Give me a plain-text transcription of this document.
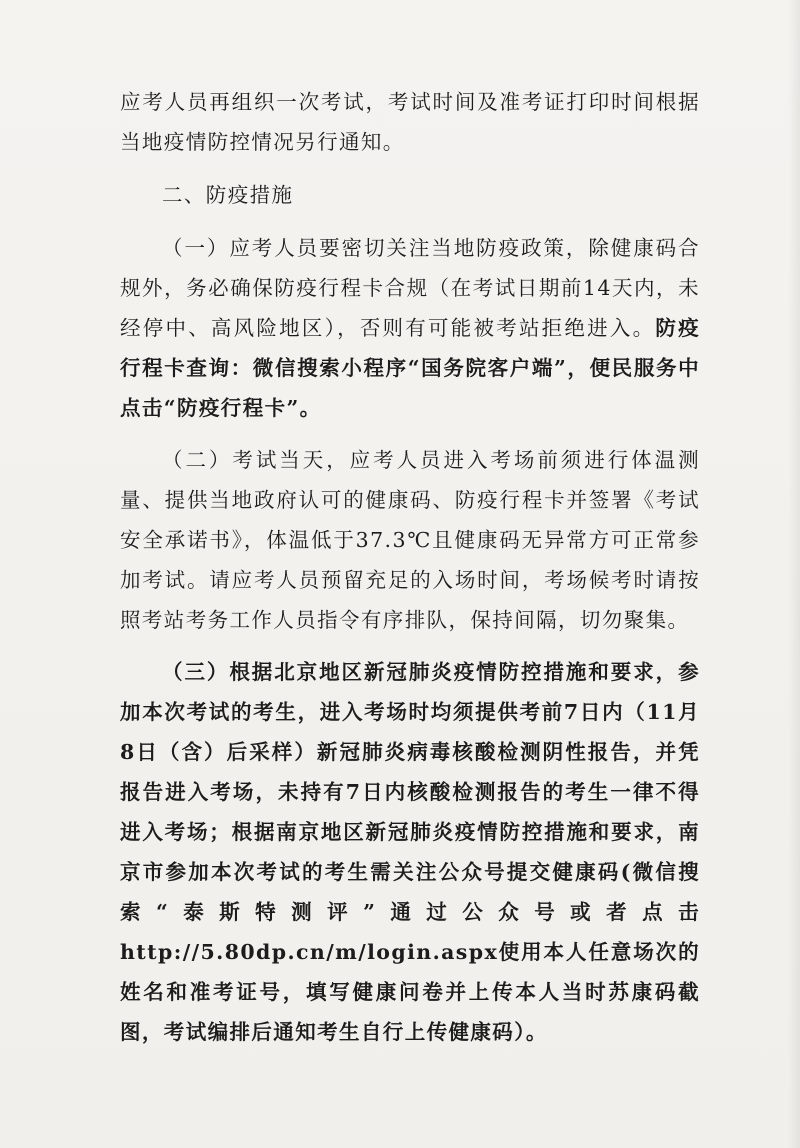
应考人员再组织一次考试，考试时间及准考证打印时间根据当地疫情防控情况另行通知。

二、防疫措施

（一）应考人员要密切关注当地防疫政策，除健康码合规外，务必确保防疫行程卡合规（在考试日期前14天内，未经停中、高风险地区），否则有可能被考站拒绝进入。防疫行程卡查询：微信搜索小程序“国务院客户端”，便民服务中点击“防疫行程卡”。

（二）考试当天，应考人员进入考场前须进行体温测量、提供当地政府认可的健康码、防疫行程卡并签署《考试安全承诺书》，体温低于37.3℃且健康码无异常方可正常参加考试。请应考人员预留充足的入场时间，考场候考时请按照考站考务工作人员指令有序排队，保持间隔，切勿聚集。

（三）根据北京地区新冠肺炎疫情防控措施和要求，参加本次考试的考生，进入考场时均须提供考前7日内（11月8日（含）后采样）新冠肺炎病毒核酸检测阴性报告，并凭报告进入考场，未持有7日内核酸检测报告的考生一律不得进入考场；根据南京地区新冠肺炎疫情防控措施和要求，南京市参加本次考试的考生需关注公众号提交健康码(微信搜索“泰斯特测评”通过公众号或者点击http://5.80dp.cn/m/login.aspx使用本人任意场次的姓名和准考证号，填写健康问卷并上传本人当时苏康码截图，考试编排后通知考生自行上传健康码）。
